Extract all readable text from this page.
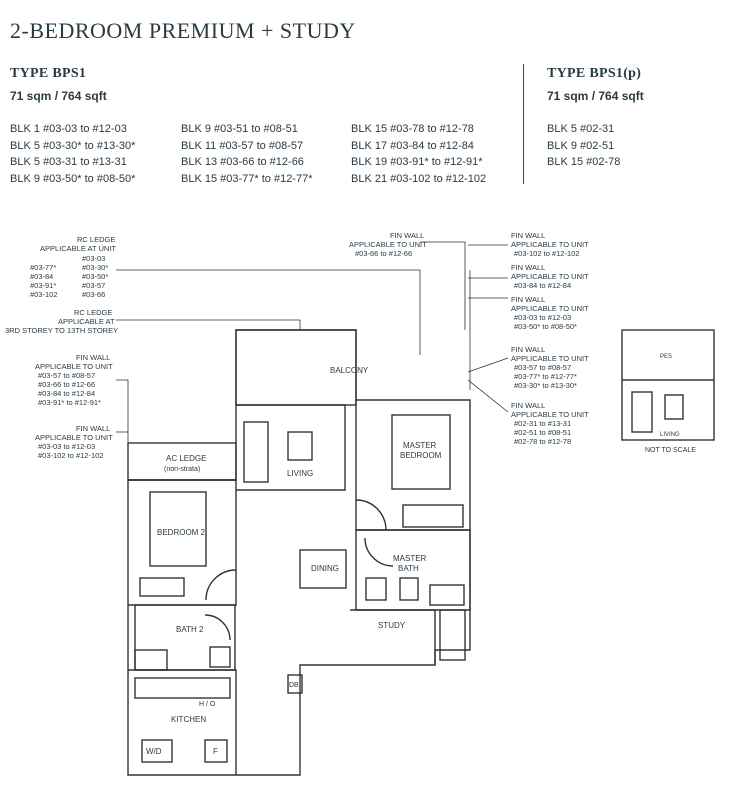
2-BEDROOM PREMIUM + STUDY
TYPE BPS1
71 sqm / 764 sqft
BLK 1 #03-03 to #12-03
BLK 5 #03-30* to #13-30*
BLK 5 #03-31 to #13-31
BLK 9 #03-50* to #08-50*
BLK 9 #03-51 to #08-51
BLK 11 #03-57 to #08-57
BLK 13 #03-66 to #12-66
BLK 15 #03-77* to #12-77*
BLK 15 #03-78 to #12-78
BLK 17 #03-84 to #12-84
BLK 19 #03-91* to #12-91*
BLK 21 #03-102 to #12-102
TYPE BPS1(p)
71 sqm / 764 sqft
BLK 5 #02-31
BLK 9 #02-51
BLK 15 #02-78
BALCONY
LIVING
MASTER
BEDROOM
AC LEDGE
(non-strata)
BEDROOM 2
DINING
MASTER
BATH
BATH 2	STUDY
KITCHEN
DB
W/D	F
H / O
RC LEDGE
APPLICABLE AT UNIT
#03-77*
#03-84
#03-91*
#03-102
#03-03
#03-30*
#03-50*
#03-57
#03-66
RC LEDGE
APPLICABLE AT
3RD STOREY TO 13TH STOREY
FIN WALL
APPLICABLE TO UNIT
#03-57 to #08-57
#03-66 to #12-66
#03-84 to #12-84
#03-91* to #12-91*
FIN WALL
APPLICABLE TO UNIT
#03-03 to #12-03
#03-102 to #12-102
FIN WALL
APPLICABLE TO UNIT
#03-66 to #12-66
FIN WALL
APPLICABLE TO UNIT
#03-102 to #12-102
FIN WALL
APPLICABLE TO UNIT
#03-84 to #12-84
FIN WALL
APPLICABLE TO UNIT
#03-03 to #12-03
#03-50* to #08-50*
FIN WALL
APPLICABLE TO UNIT
#03-57 to #08-57
#03-77* to #12-77*
#03-30* to #13-30*
FIN WALL
APPLICABLE TO UNIT
#02-31 to #13-31
#02-51 to #08-51
#02-78 to #12-78
PES
LIVING
NOT TO SCALE
